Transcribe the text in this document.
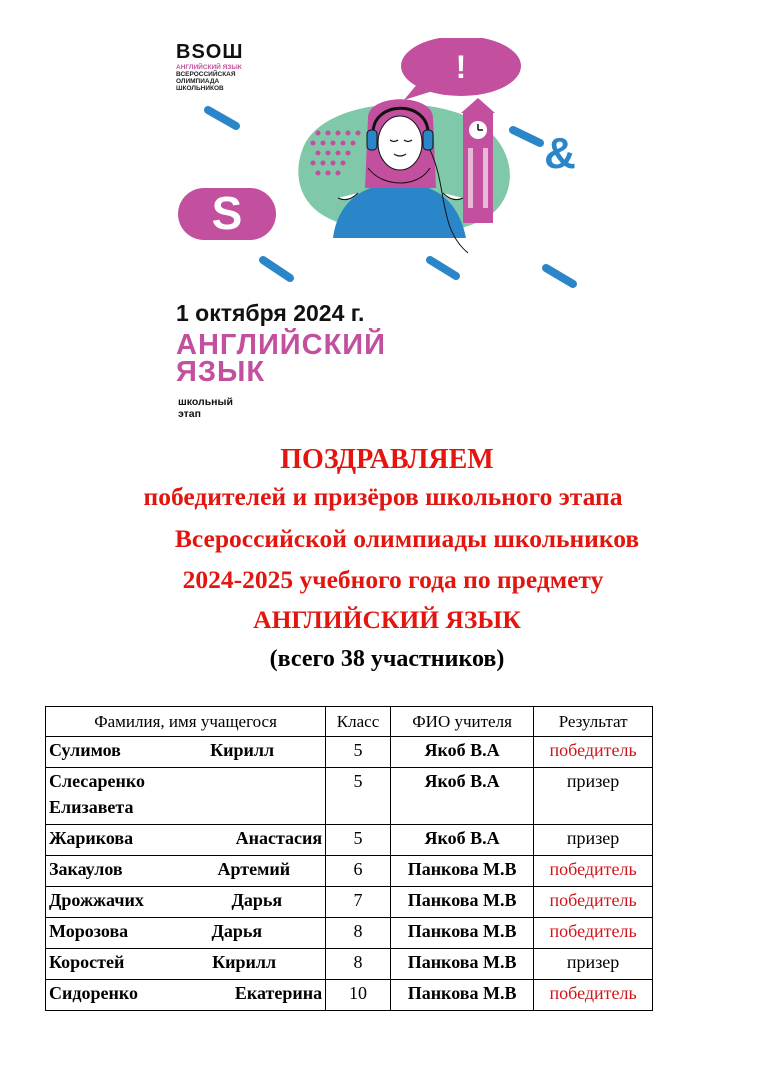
BSOШ
АНГЛИЙСКИЙ ЯЗЫК
ВСЕРОССИЙСКАЯ
ОЛИМПИАДА
ШКОЛЬНИКОВ
!
S
&
1 октября 2024 г.
АНГЛИЙСКИЙ
ЯЗЫК
школьный
этап
ПОЗДРАВЛЯЕМ
победителей и призёров школьного этапа
Всероссийской олимпиады школьников
2024-2025 учебного года по предмету
АНГЛИЙСКИЙ ЯЗЫК
(всего 38 участников)
Фамилия, имя учащегося	Класс	ФИО учителя	Результат

Сулимов Кирилл	5	Якоб В.А	победитель

Слесаренко
Елизавета	5	Якоб В.А	призер

Жарикова Анастасия	5	Якоб В.А	призер

Закаулов Артемий	6	Панкова М.В	победитель

Дрожжачих Дарья	7	Панкова М.В	победитель

Морозова Дарья	8	Панкова М.В	победитель

Коростей Кирилл	8	Панкова М.В	призер

Сидоренко Екатерина	10	Панкова М.В	победитель
